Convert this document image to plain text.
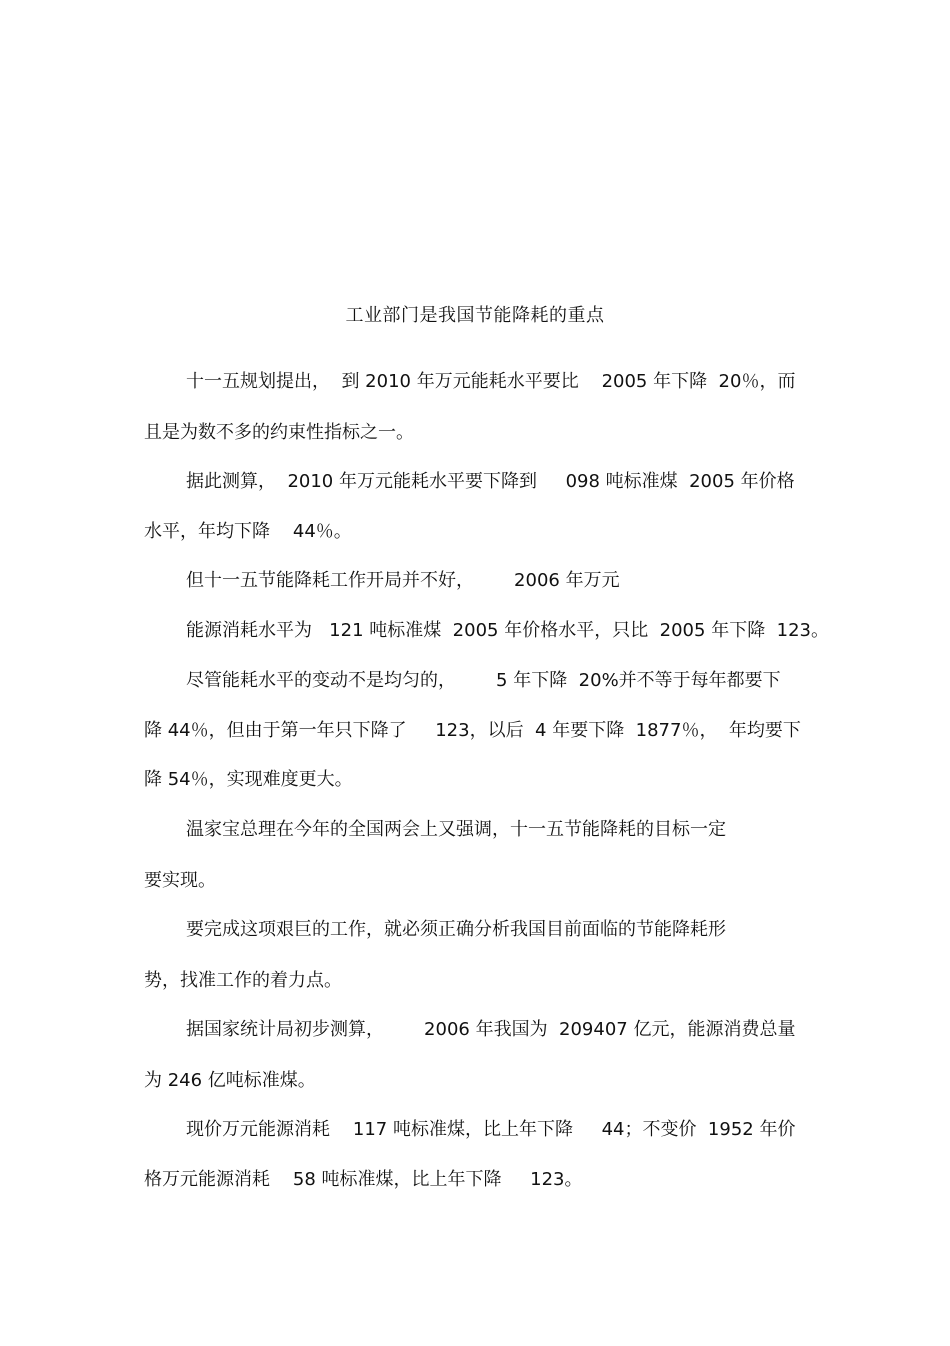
工业部门是我国节能降耗的重点
十一五规划提出，  到 2010 年万元能耗水平要比    2005 年下降  20％，而
且是为数不多的约束性指标之一。
据此测算，  2010 年万元能耗水平要下降到     098 吨标准煤  2005 年价格
水平，年均下降    44％。
但十一五节能降耗工作开局并不好，       2006 年万元
能源消耗水平为   121 吨标准煤  2005 年价格水平，只比  2005 年下降  123。
尽管能耗水平的变动不是均匀的，       5 年下降  20%并不等于每年都要下
降 44％，但由于第一年只下降了     123，以后  4 年要下降  1877％，  年均要下
降 54％，实现难度更大。
温家宝总理在今年的全国两会上又强调，十一五节能降耗的目标一定
要实现。
要完成这项艰巨的工作，就必须正确分析我国目前面临的节能降耗形
势，找准工作的着力点。
据国家统计局初步测算，       2006 年我国为  209407 亿元，能源消费总量
为 246 亿吨标准煤。
现价万元能源消耗    117 吨标准煤，比上年下降     44；不变价  1952 年价
格万元能源消耗    58 吨标准煤，比上年下降     123。
